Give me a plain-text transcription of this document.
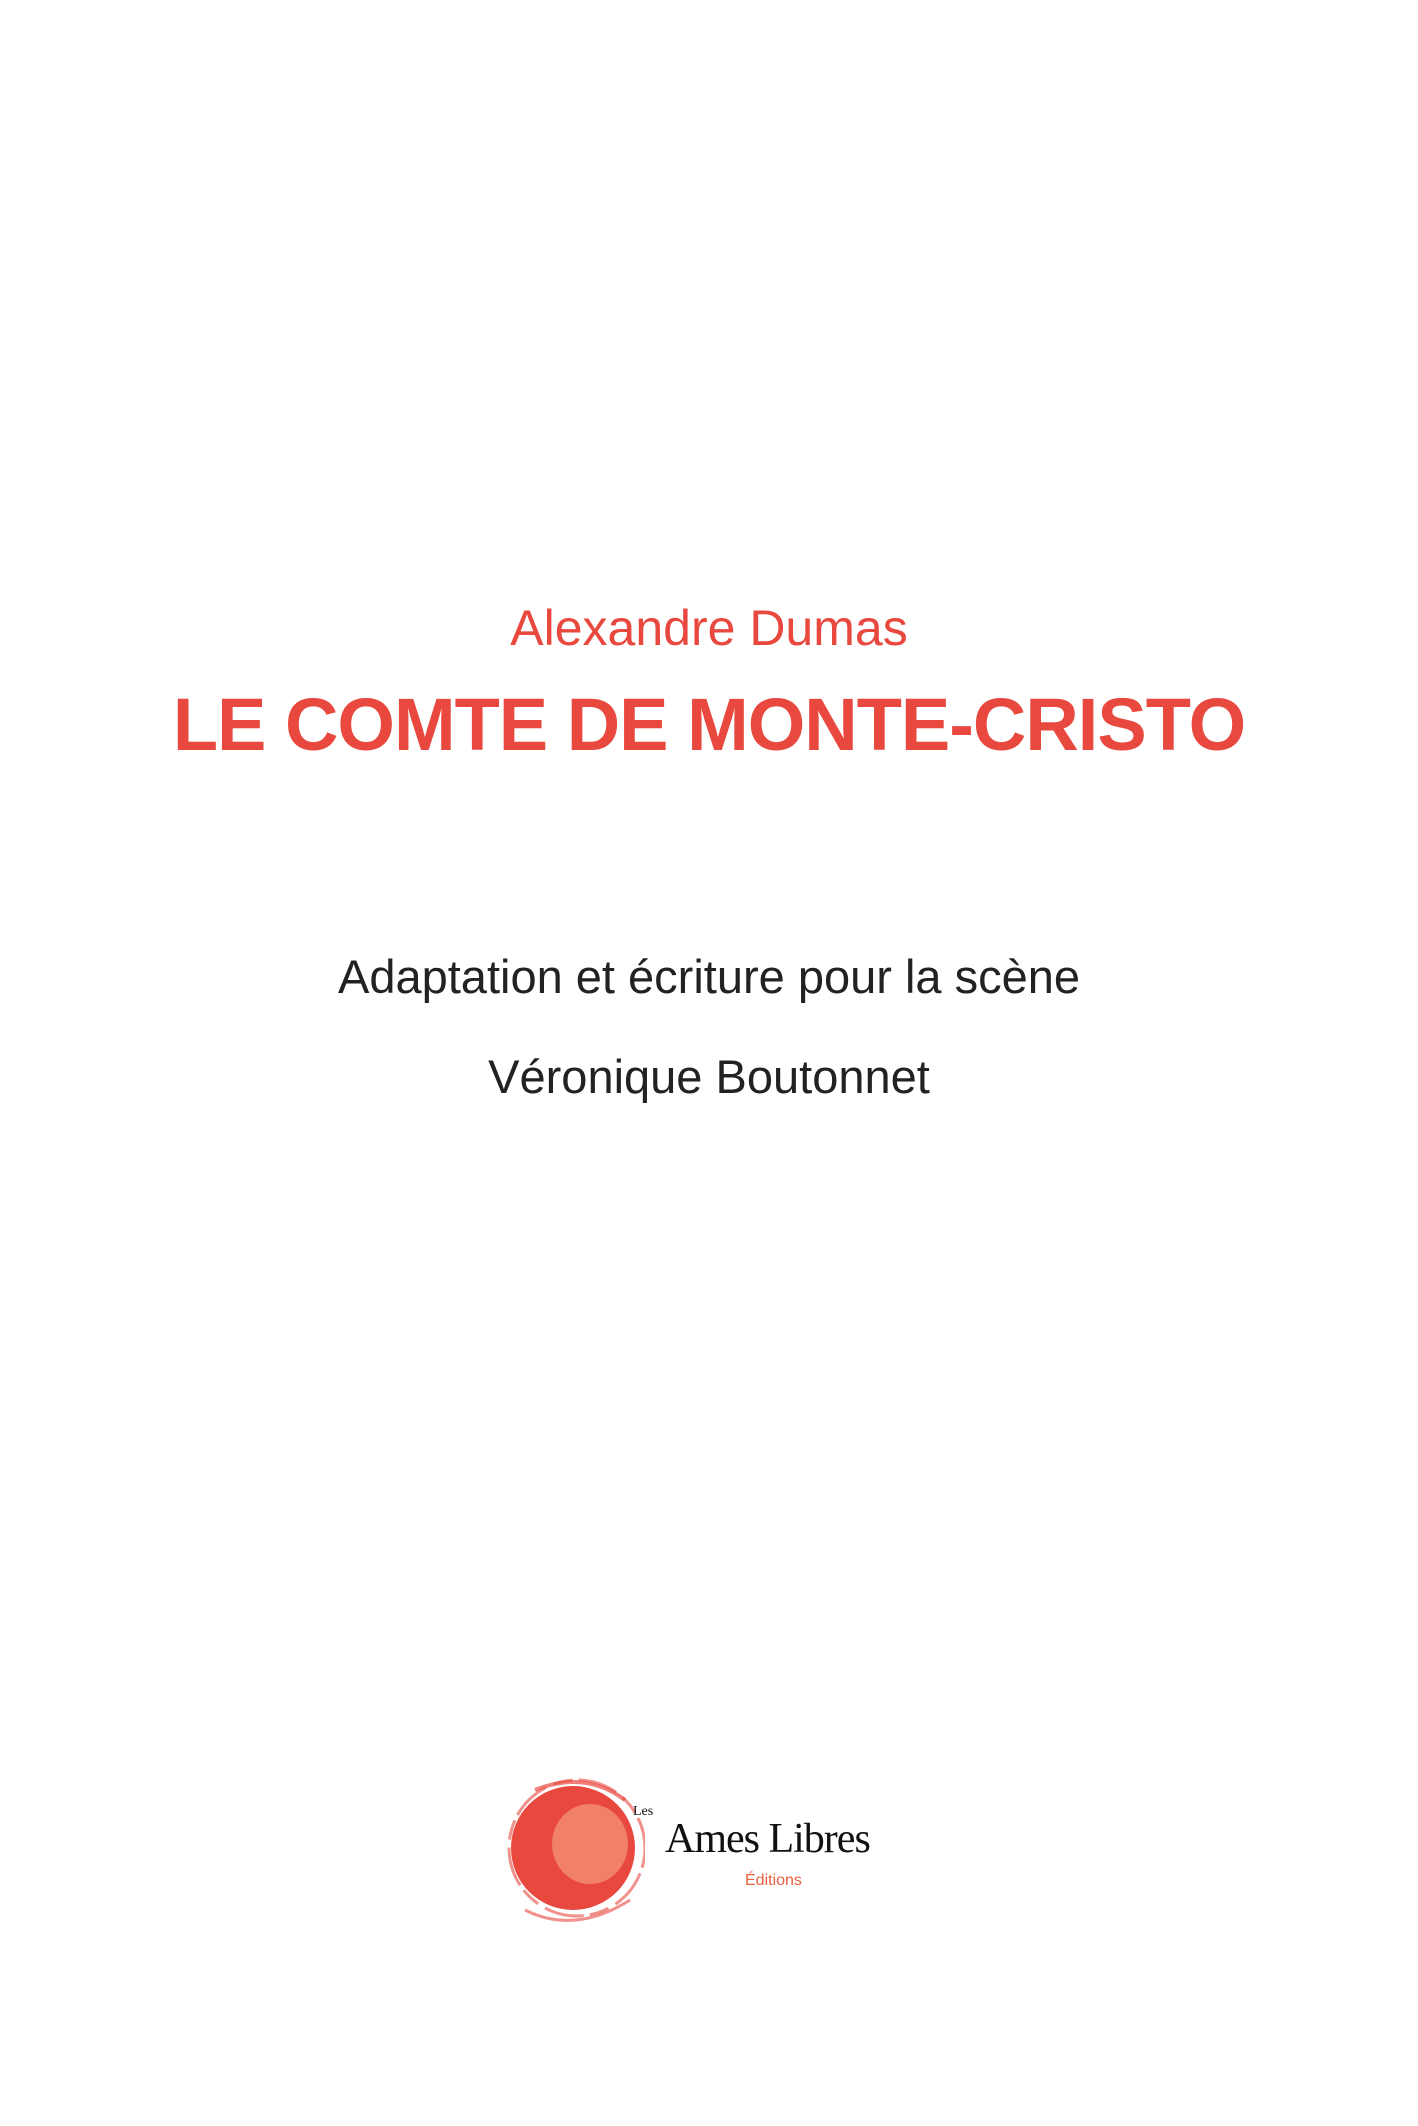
Alexandre Dumas
LE COMTE DE MONTE-CRISTO
Adaptation et écriture pour la scène
Véronique Boutonnet
Les
Ames Libres
Éditions
